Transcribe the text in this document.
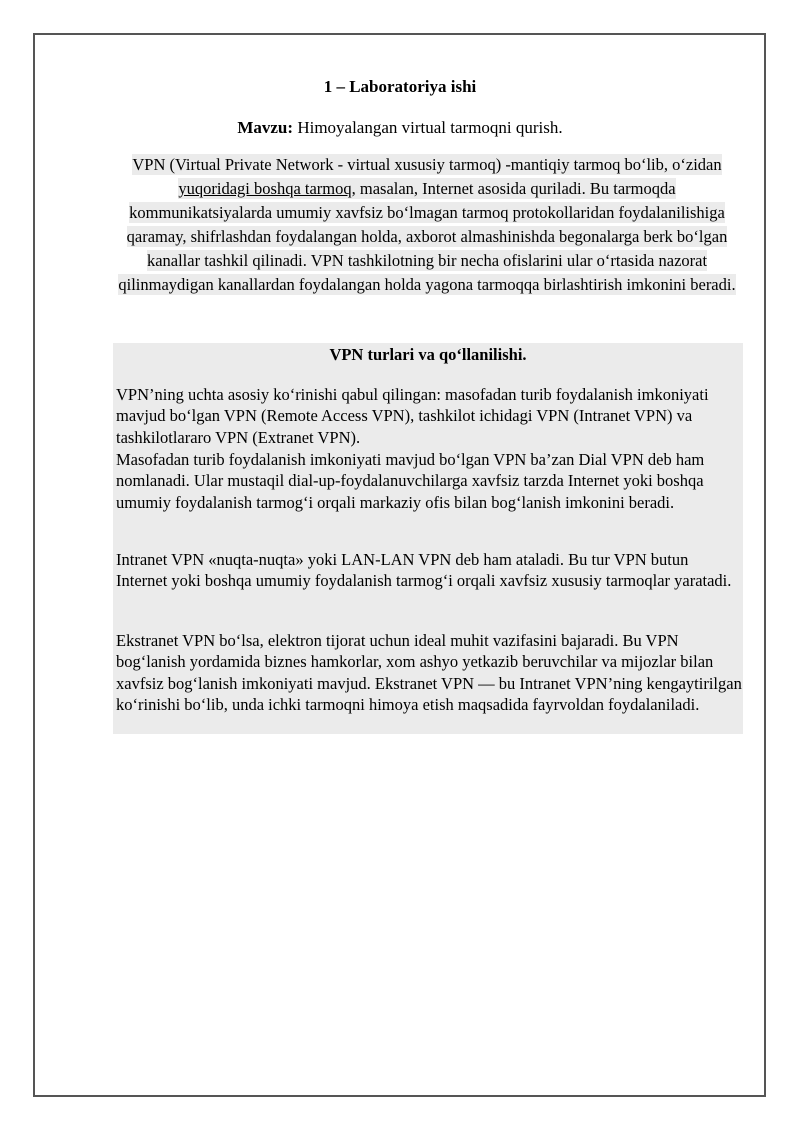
1 – Laboratoriya ishi
Mavzu: Himoyalangan virtual tarmoqni qurish.
VPN (Virtual Private Network - virtual xususiy tarmoq) -mantiqiy tarmoq bo‘lib, o‘zidan yuqoridagi boshqa tarmoq, masalan, Internet asosida quriladi. Bu tarmoqda kommunikatsiyalarda umumiy xavfsiz bo‘lmagan tarmoq protokollaridan foydalanilishiga qaramay, shifrlashdan foydalangan holda, axborot almashinishda begonalarga berk bo‘lgan kanallar tashkil qilinadi. VPN tashkilotning bir necha ofislarini ular o‘rtasida nazorat qilinmaydigan kanallardan foydalangan holda yagona tarmoqqa birlashtirish imkonini beradi.
VPN turlari va qo‘llanilishi.
VPN’ning uchta asosiy ko‘rinishi qabul qilingan: masofadan turib foydalanish imkoniyati mavjud bo‘lgan VPN (Remote Access VPN), tashkilot ichidagi VPN (Intranet VPN) va tashkilotlararo VPN (Extranet VPN).
Masofadan turib foydalanish imkoniyati mavjud bo‘lgan VPN ba’zan Dial VPN deb ham nomlanadi. Ular mustaqil dial-up-foydalanuvchilarga xavfsiz tarzda Internet yoki boshqa umumiy foydalanish tarmog‘i orqali markaziy ofis bilan bog‘lanish imkonini beradi.
Intranet VPN «nuqta-nuqta» yoki LAN-LAN VPN deb ham ataladi. Bu tur VPN butun Internet yoki boshqa umumiy foydalanish tarmog‘i orqali xavfsiz xususiy tarmoqlar yaratadi.
Ekstranet VPN bo‘lsa, elektron tijorat uchun ideal muhit vazifasini bajaradi. Bu VPN bog‘lanish yordamida biznes hamkorlar, xom ashyo yetkazib beruvchilar va mijozlar bilan xavfsiz bog‘lanish imkoniyati mavjud. Ekstranet VPN — bu Intranet VPN’ning kengaytirilgan ko‘rinishi bo‘lib, unda ichki tarmoqni himoya etish maqsadida fayrvoldan foydalaniladi.
